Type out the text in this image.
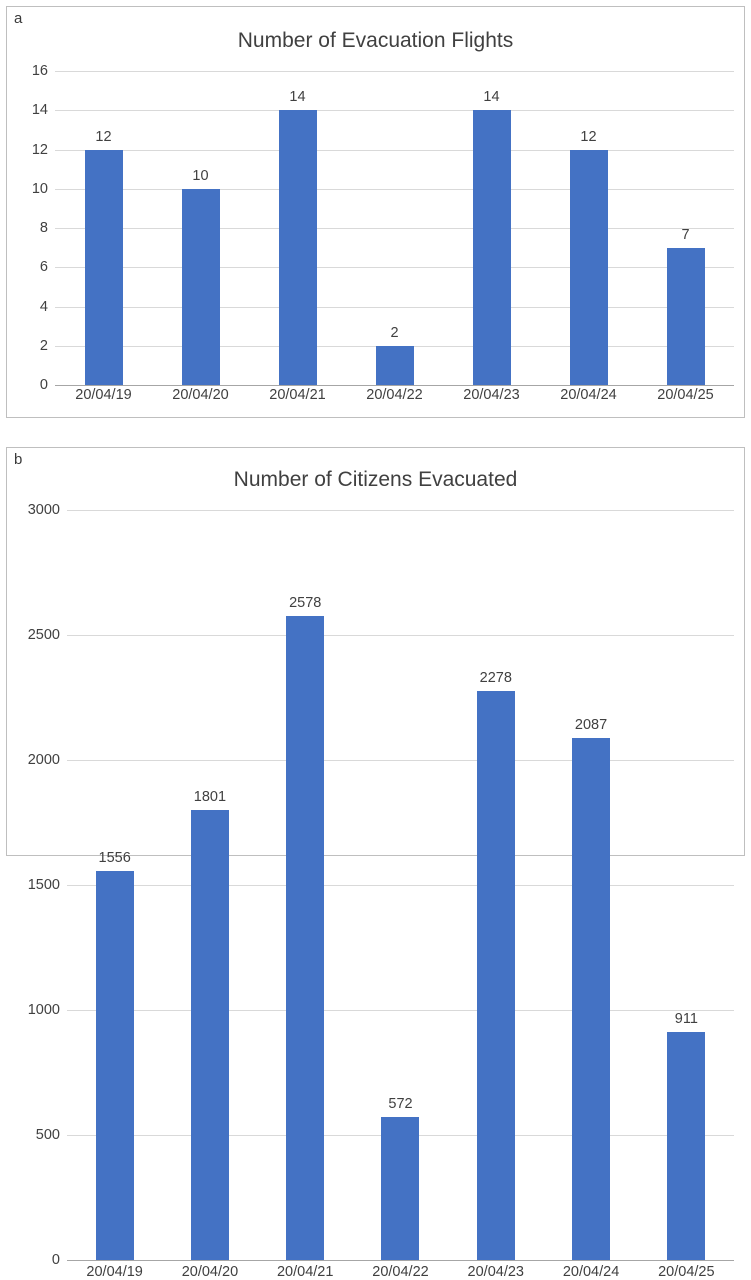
a
Number of Evacuation Flights
0
2
4
6
8
10
12
14
16
12
10
14
2
14
12
7
20/04/19	20/04/20	20/04/21	20/04/22	20/04/23	20/04/24	20/04/25
b
Number of Citizens Evacuated
0
500
1000
1500
2000
2500
3000
1556
1801
2578
572
2278
2087
911
20/04/19	20/04/20	20/04/21	20/04/22	20/04/23	20/04/24	20/04/25
